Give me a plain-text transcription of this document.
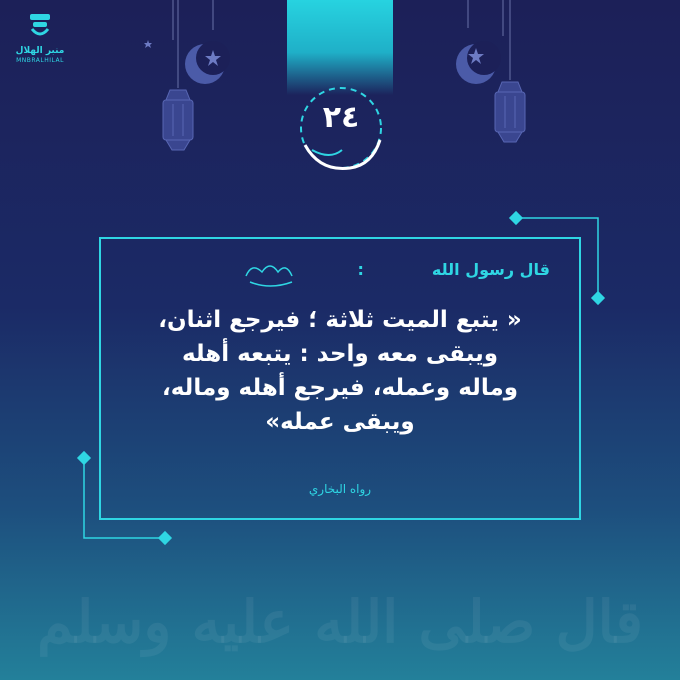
منبر الهلال
MNBRALHILAL
٢٤
قال رسول الله
:
« يتبع الميت ثلاثة ؛ فيرجع اثنان،
ويبقى معه واحد : يتبعه أهله
وماله وعمله، فيرجع أهله وماله،
ويبقى عمله»
رواه البخاري
قال صلى الله عليه وسلم
